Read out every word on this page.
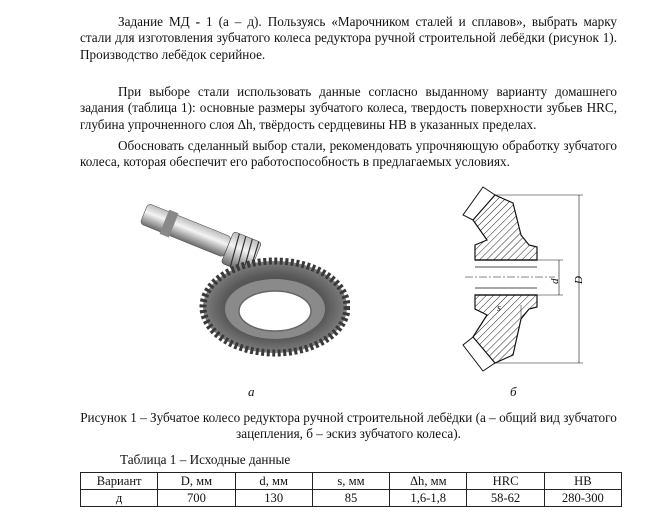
Задание МД - 1 (а – д). Пользуясь «Марочником сталей и сплавов», выбрать марку стали для изготовления зубчатого колеса редуктора ручной строительной лебёдки (рисунок 1). Производство лебёдок серийное.

При выборе стали использовать данные согласно выданному варианту домашнего задания (таблица 1): основные размеры зубчатого колеса, твердость поверхности зубьев HRC, глубина упрочненного слоя Δh, твёрдость сердцевины HB в указанных пределах.

Обосновать сделанный выбор стали, рекомендовать упрочняющую обработку зубчатого колеса, которая обеспечит его работоспособность в предлагаемых условиях.

d D
s
а	б

Рисунок 1 – Зубчатое колесо редуктора ручной строительной лебёдки (а – общий вид зубчатого зацепления, б – эскиз зубчатого колеса).

Таблица 1 – Исходные данные
Вариант	D, мм	d, мм	s, мм	Δh, мм	HRC	HB
д	700	130	85	1,6-1,8	58-62	280-300
